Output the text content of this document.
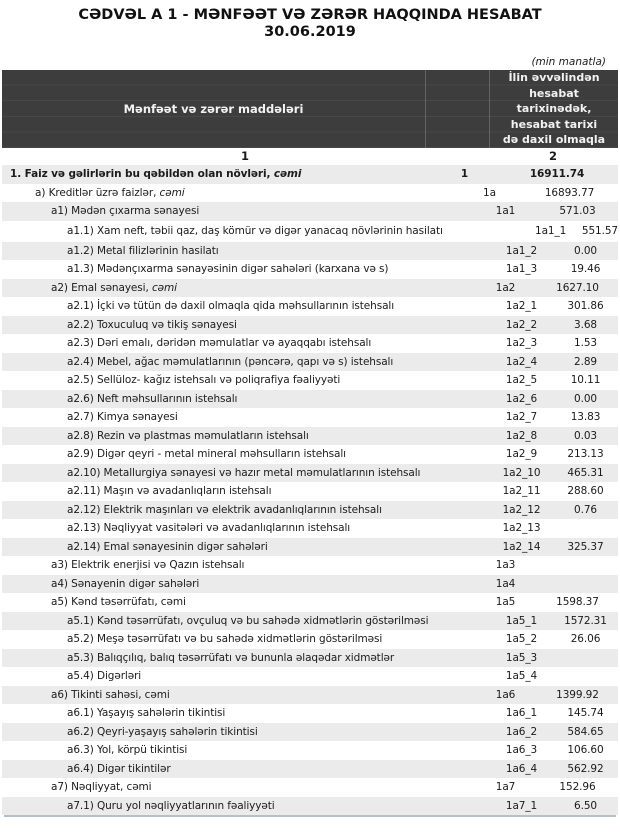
CƏDVƏL A 1 - MƏNFƏƏT VƏ ZƏRƏR HAQQINDA HESABAT
30.06.2019
(min manatla)
Mənfəət və zərər maddələri
İlin əvvəlindən hesabat tarixinədək, hesabat tarixi də daxil olmaqla
1	2
1. Faiz və gəlirlərin bu qəbildən olan növləri, cəmi	1	16911.74
a) Kreditlər üzrə faizlər, cəmi	1a	16893.77
a1) Mədən çıxarma sənayesi	1a1	571.03
a1.1) Xam neft, təbii qaz, daş kömür və digər yanacaq növlərinin hasilatı	1a1_1	551.57
a1.2) Metal filizlərinin hasilatı	1a1_2	0.00
a1.3) Mədənçıxarma sənayəsinin digər sahələri (karxana və s)	1a1_3	19.46
a2) Emal sənayesi, cəmi	1a2	1627.10
a2.1) İçki və tütün də daxil olmaqla qida məhsullarının istehsalı	1a2_1	301.86
a2.2) Toxuculuq və tikiş sənayesi	1a2_2	3.68
a2.3) Dəri emalı, dəridən məmulatlar və ayaqqabı istehsalı	1a2_3	1.53
a2.4) Mebel, ağac məmulatlarının (pəncərə, qapı və s) istehsalı	1a2_4	2.89
a2.5) Sellüloz- kağız istehsalı və poliqrafiya fəaliyyəti	1a2_5	10.11
a2.6) Neft məhsullarının istehsalı	1a2_6	0.00
a2.7) Kimya sənayesi	1a2_7	13.83
a2.8) Rezin və plastmas məmulatların istehsalı	1a2_8	0.03
a2.9) Digər qeyri - metal mineral məhsulların istehsalı	1a2_9	213.13
a2.10) Metallurgiya sənayesi və hazır metal məmulatlarının istehsalı	1a2_10	465.31
a2.11) Maşın və avadanlıqların istehsalı	1a2_11	288.60
a2.12) Elektrik maşınları və elektrik avadanlıqlarının istehsalı	1a2_12	0.76
a2.13) Nəqliyyat vasitələri və avadanlıqlarının istehsalı	1a2_13
a2.14) Emal sənayesinin digər sahələri	1a2_14	325.37
a3) Elektrik enerjisi və Qazın istehsalı	1a3
a4) Sənayenin digər sahələri	1a4
a5) Kənd təsərrüfatı, cəmi	1a5	1598.37
a5.1) Kənd təsərrüfatı, ovçuluq və bu sahədə xidmətlərin göstərilməsi	1a5_1	1572.31
a5.2) Meşə təsərrüfatı və bu sahədə xidmətlərin göstərilməsi	1a5_2	26.06
a5.3) Balıqçılıq, balıq təsərrüfatı və bununla əlaqədar xidmətlər	1a5_3
a5.4) Digərləri	1a5_4
a6) Tikinti sahəsi, cəmi	1a6	1399.92
a6.1) Yaşayış sahələrin tikintisi	1a6_1	145.74
a6.2) Qeyri-yaşayış sahələrin tikintisi	1a6_2	584.65
a6.3) Yol, körpü tikintisi	1a6_3	106.60
a6.4) Digər tikintilər	1a6_4	562.92
a7) Nəqliyyat, cəmi	1a7	152.96
a7.1) Quru yol nəqliyyatlarının fəaliyyəti	1a7_1	6.50
